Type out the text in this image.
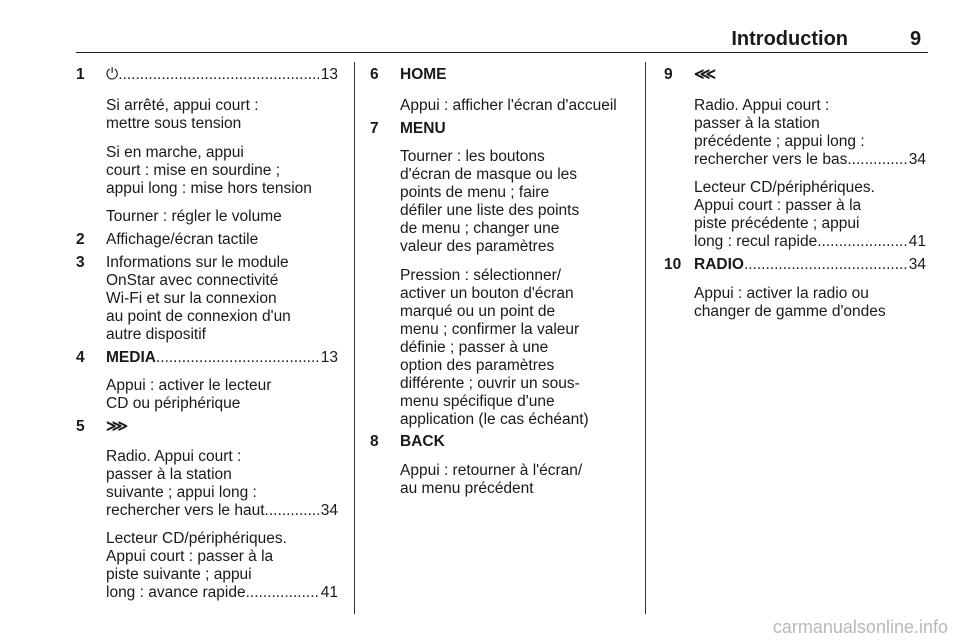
Introduction	9
1 ⏻ .....	13
Si arrêté, appui court :
mettre sous tension
Si en marche, appui
court : mise en sourdine ;
appui long : mise hors tension
Tourner : régler le volume
2 Affichage/écran tactile
3 Informations sur le module
OnStar avec connectivité
Wi-Fi et sur la connexion
au point de connexion d'un
autre dispositif
4 MEDIA .....	13
Appui : activer le lecteur
CD ou périphérique
5 ⋙
Radio. Appui court :
passer à la station
suivante ; appui long :
rechercher vers le haut .....	34
Lecteur CD/périphériques.
Appui court : passer à la
piste suivante ; appui
long : avance rapide .....	41
6 HOME
Appui : afficher l'écran d'accueil
7 MENU
Tourner : les boutons
d'écran de masque ou les
points de menu ; faire
défiler une liste des points
de menu ; changer une
valeur des paramètres
Pression : sélectionner/
activer un bouton d'écran
marqué ou un point de
menu ; confirmer la valeur
définie ; passer à une
option des paramètres
différente ; ouvrir un sous-
menu spécifique d'une
application (le cas échéant)
8 BACK
Appui : retourner à l'écran/
au menu précédent
9 ⋘
Radio. Appui court :
passer à la station
précédente ; appui long :
rechercher vers le bas .....	34
Lecteur CD/périphériques.
Appui court : passer à la
piste précédente ; appui
long : recul rapide .....	41
10 RADIO .....	34
Appui : activer la radio ou
changer de gamme d'ondes
carmanualsonline.info
